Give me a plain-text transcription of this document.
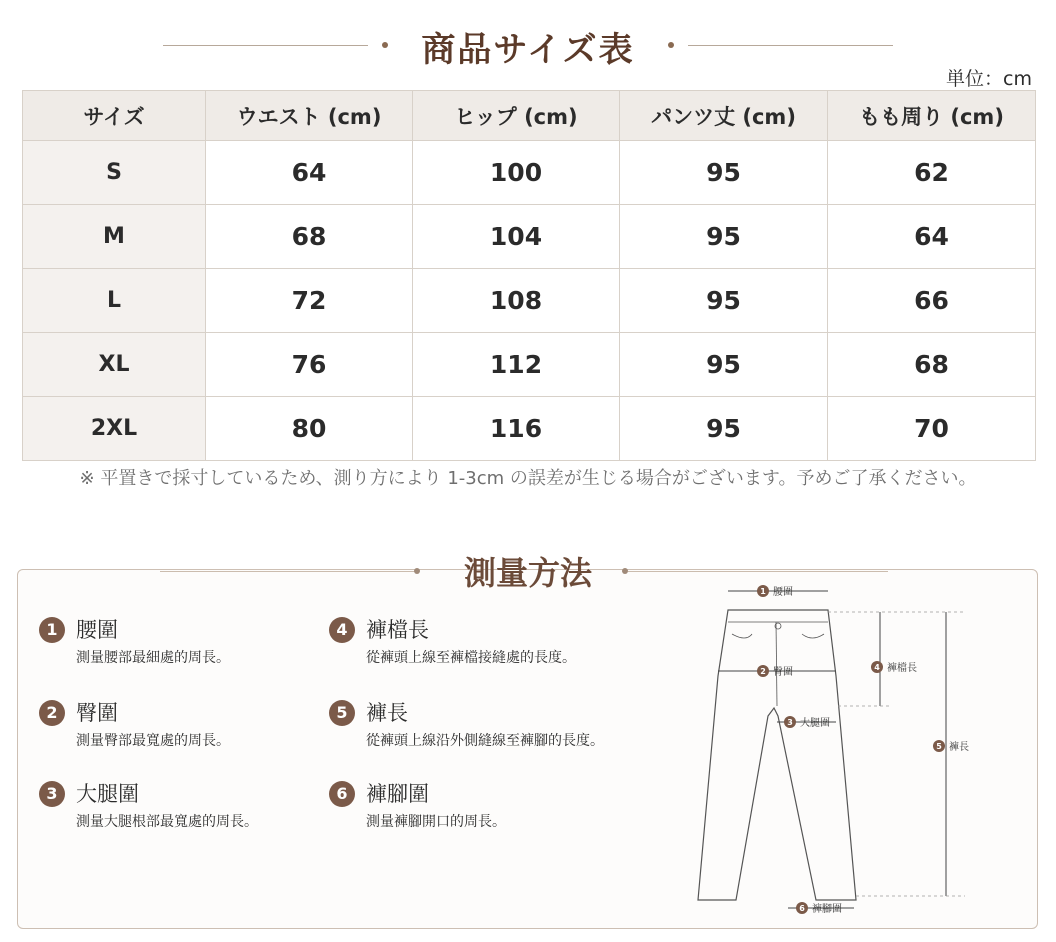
商品サイズ表
単位：cm
サイズ	ウエスト (cm)	ヒップ (cm)	パンツ丈 (cm)	もも周り (cm)
S	64	100	95	62
M	68	104	95	64
L	72	108	95	66
XL	76	112	95	68
2XL	80	116	95	70
※ 平置きで採寸しているため、測り方により 1-3cm の誤差が生じる場合がございます。予めご了承ください。
測量方法
1 腰圍
測量腰部最細處的周長。
2 臀圍
測量臀部最寬處的周長。
3 大腿圍
測量大腿根部最寬處的周長。
4 褲檔長
從褲頭上線至褲檔接縫處的長度。
5 褲長
從褲頭上線沿外側縫線至褲腳的長度。
6 褲腳圍
測量褲腳開口的周長。
1 腰圍
2 臀圍
3 大腿圍
4 褲檔長
5 褲長
6 褲腳圍
